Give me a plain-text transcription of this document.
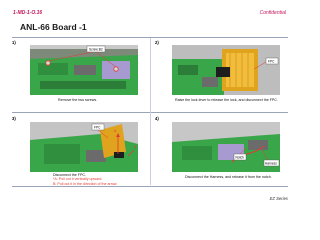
1-MD-1-O.16	Confidential
ANL-66 Board -1
1)
Screw:B2
Remove the two screws.
2)
FPC
Raise the lock lever to release the lock, and disconnect the FPC.
3)
FPC
A
B
Disconnect the FPC.
*A: Pull out it vertically upward.
B: Pull out it in the direction of the arrow.
4)
Notch
Harness
Disconnect the Harness, and release it from the notch.
EZ Series
